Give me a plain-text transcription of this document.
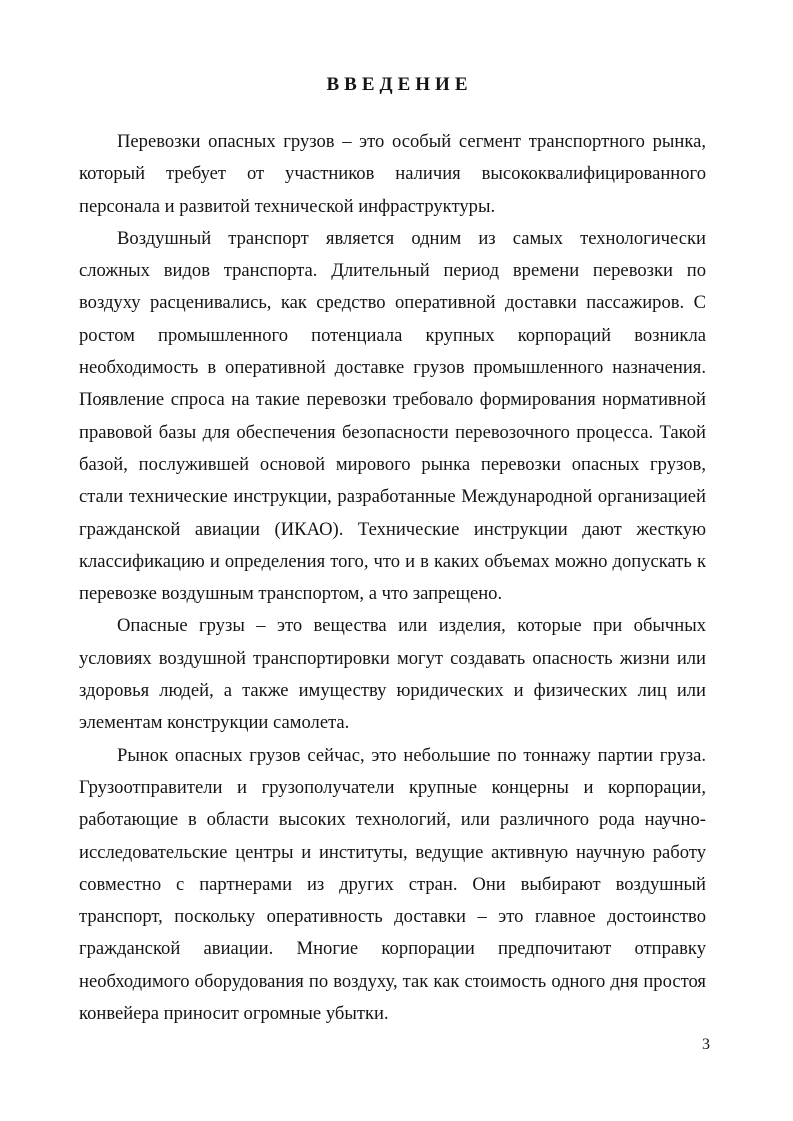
ВВЕДЕНИЕ

Перевозки опасных грузов – это особый сегмент транспортного рынка, который требует от участников наличия высококвалифицированного персонала и развитой технической инфраструктуры.

Воздушный транспорт является одним из самых технологически сложных видов транспорта. Длительный период времени перевозки по воздуху расценивались, как средство оперативной доставки пассажиров. С ростом промышленного потенциала крупных корпораций возникла необходимость в оперативной доставке грузов промышленного назначения. Появление спроса на такие перевозки требовало формирования нормативной правовой базы для обеспечения безопасности перевозочного процесса. Такой базой, послужившей основой мирового рынка перевозки опасных грузов, стали технические инструкции, разработанные Международной организацией гражданской авиации (ИКАО). Технические инструкции дают жесткую классификацию и определения того, что и в каких объемах можно допускать к перевозке воздушным транспортом, а что запрещено.

Опасные грузы – это вещества или изделия, которые при обычных условиях воздушной транспортировки могут создавать опасность жизни или здоровья людей, а также имуществу юридических и физических лиц или элементам конструкции самолета.

Рынок опасных грузов сейчас, это небольшие по тоннажу партии груза. Грузоотправители и грузополучатели крупные концерны и корпорации, работающие в области высоких технологий, или различного рода научно-исследовательские центры и институты, ведущие активную научную работу совместно с партнерами из других стран. Они выбирают воздушный транспорт, поскольку оперативность доставки – это главное достоинство гражданской авиации. Многие корпорации предпочитают отправку необходимого оборудования по воздуху, так как стоимость одного дня простоя конвейера приносит огромные убытки.

3
